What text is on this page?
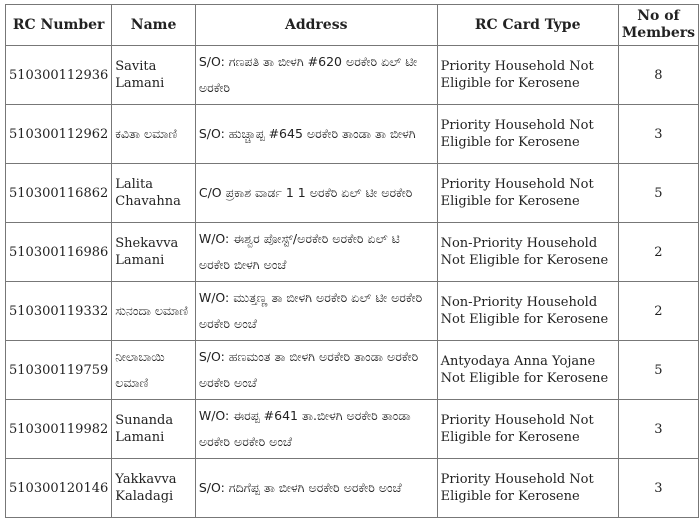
RC Number	Name	Address	RC Card Type	No of Members
510300112936	Savita Lamani	S/O: ಗಣಪತಿ ತಾ ಬೀಳಗಿ #620 ಅರಕೇರಿ ಏಲ್ ಟೀ ಅರಕೇರಿ	Priority Household Not Eligible for Kerosene	8
510300112962	ಕವಿತಾ ಲಮಾಣಿ	S/O: ಹುಚ್ಚಾಪ್ಪ #645 ಅರಕೇರಿ ತಾಂಡಾ ತಾ ಬೀಳಗಿ	Priority Household Not Eligible for Kerosene	3
510300116862	Lalita Chavahna	C/O ಪ್ರಕಾಶ ವಾರ್ಡ 1 1 ಅರಕೆರಿ ಏಲ್ ಟೀ ಅರಕೇರಿ	Priority Household Not Eligible for Kerosene	5
510300116986	Shekavva Lamani	W/O: ಈಶ್ವರ ಪೋಸ್ಟ್/ಅರಕೇರಿ ಅರಕೇರಿ ಏಲ್ ಟಿ ಅರಕೇರಿ ಬೀಳಗಿ ಅಂಚೆ	Non-Priority Household Not Eligible for Kerosene	2
510300119332	ಸುನಂದಾ ಲಮಾಣಿ	W/O: ಮುತ್ತಣ್ಣ ತಾ ಬೀಳಗಿ ಅರಕೇರಿ ಏಲ್ ಟೀ ಅರಕೇರಿ ಅರಕೇರಿ ಅಂಚೆ	Non-Priority Household Not Eligible for Kerosene	2
510300119759	ನೀಲಾಬಾಯಿ ಲಮಾಣಿ	S/O: ಹಣಮಂತ ತಾ ಬೀಳಗಿ ಅರಕೇರಿ ತಾಂಡಾ ಅರಕೇರಿ ಅರಕೇರಿ ಅಂಚೆ	Antyodaya Anna Yojane Not Eligible for Kerosene	5
510300119982	Sunanda Lamani	W/O: ಈರಪ್ಪ #641 ತಾ.ಬೀಳಗಿ ಅರಕೇರಿ ತಾಂಡಾ ಅರಕೇರಿ ಅರಕೇರಿ ಅಂಚೆ	Priority Household Not Eligible for Kerosene	3
510300120146	Yakkavva Kaladagi	S/O: ಗದಿಗೆಪ್ಪ ತಾ ಬೀಳಗಿ ಅರಕೇರಿ ಅರಕೇರಿ ಅಂಚೆ	Priority Household Not Eligible for Kerosene	3
